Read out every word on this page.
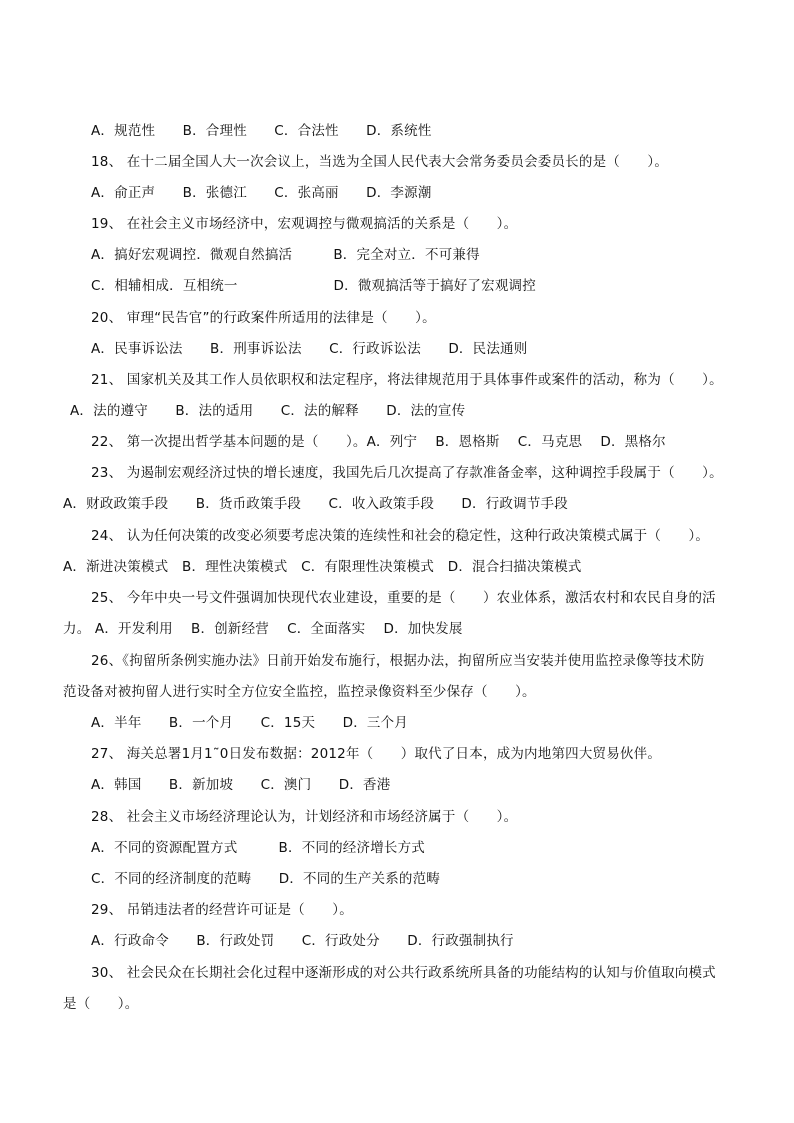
A．规范性　　B．合理性　　C．合法性　　D．系统性
18、 在十二届全国人大一次会议上，当选为全国人民代表大会常务委员会委员长的是（　　）。
A．俞正声　　B．张德江　　C．张高丽　　D．李源潮
19、 在社会主义市场经济中，宏观调控与微观搞活的关系是（　　）。
A．搞好宏观调控．微观自然搞活　　　B．完全对立．不可兼得
C．相辅相成．互相统一　　　　　　　D．微观搞活等于搞好了宏观调控
20、 审理“民告官”的行政案件所适用的法律是（　　）。
A．民事诉讼法　　B．刑事诉讼法　　C．行政诉讼法　　D．民法通则
21、 国家机关及其工作人员依职权和法定程序，将法律规范用于具体事件或案件的活动，称为（　　）。
A．法的遵守　　B．法的适用　　C．法的解释　　D．法的宣传
22、 第一次提出哲学基本问题的是（　　）。A．列宁　 B．恩格斯　 C．马克思　 D．黑格尔
23、 为遏制宏观经济过快的增长速度，我国先后几次提高了存款准备金率，这种调控手段属于（　　）。
A．财政政策手段　　B．货币政策手段　　C．收入政策手段　　D．行政调节手段
24、 认为任何决策的改变必须要考虑决策的连续性和社会的稳定性，这种行政决策模式属于（　　）。
A．渐进决策模式　B．理性决策模式　C．有限理性决策模式　D．混合扫描决策模式
25、 今年中央一号文件强调加快现代农业建设，重要的是（　　）农业体系，激活农村和农民自身的活
力。 A．开发利用　 B．创新经营　 C．全面落实　 D．加快发展
26、《拘留所条例实施办法》日前开始发布施行，根据办法，拘留所应当安装并使用监控录像等技术防
范设备对被拘留人进行实时全方位安全监控，监控录像资料至少保存（　　）。
A．半年　　B．一个月　　C．15天　　D．三个月
27、 海关总署1月1˜0日发布数据：2012年（　　）取代了日本，成为内地第四大贸易伙伴。
A．韩国　　B．新加坡　　C．澳门　　D．香港
28、 社会主义市场经济理论认为，计划经济和市场经济属于（　　）。
A．不同的资源配置方式　　　B．不同的经济增长方式
C．不同的经济制度的范畴　　D．不同的生产关系的范畴
29、 吊销违法者的经营许可证是（　　）。
A．行政命令　　B．行政处罚　　C．行政处分　　D．行政强制执行
30、 社会民众在长期社会化过程中逐渐形成的对公共行政系统所具备的功能结构的认知与价值取向模式
是（　　）。
